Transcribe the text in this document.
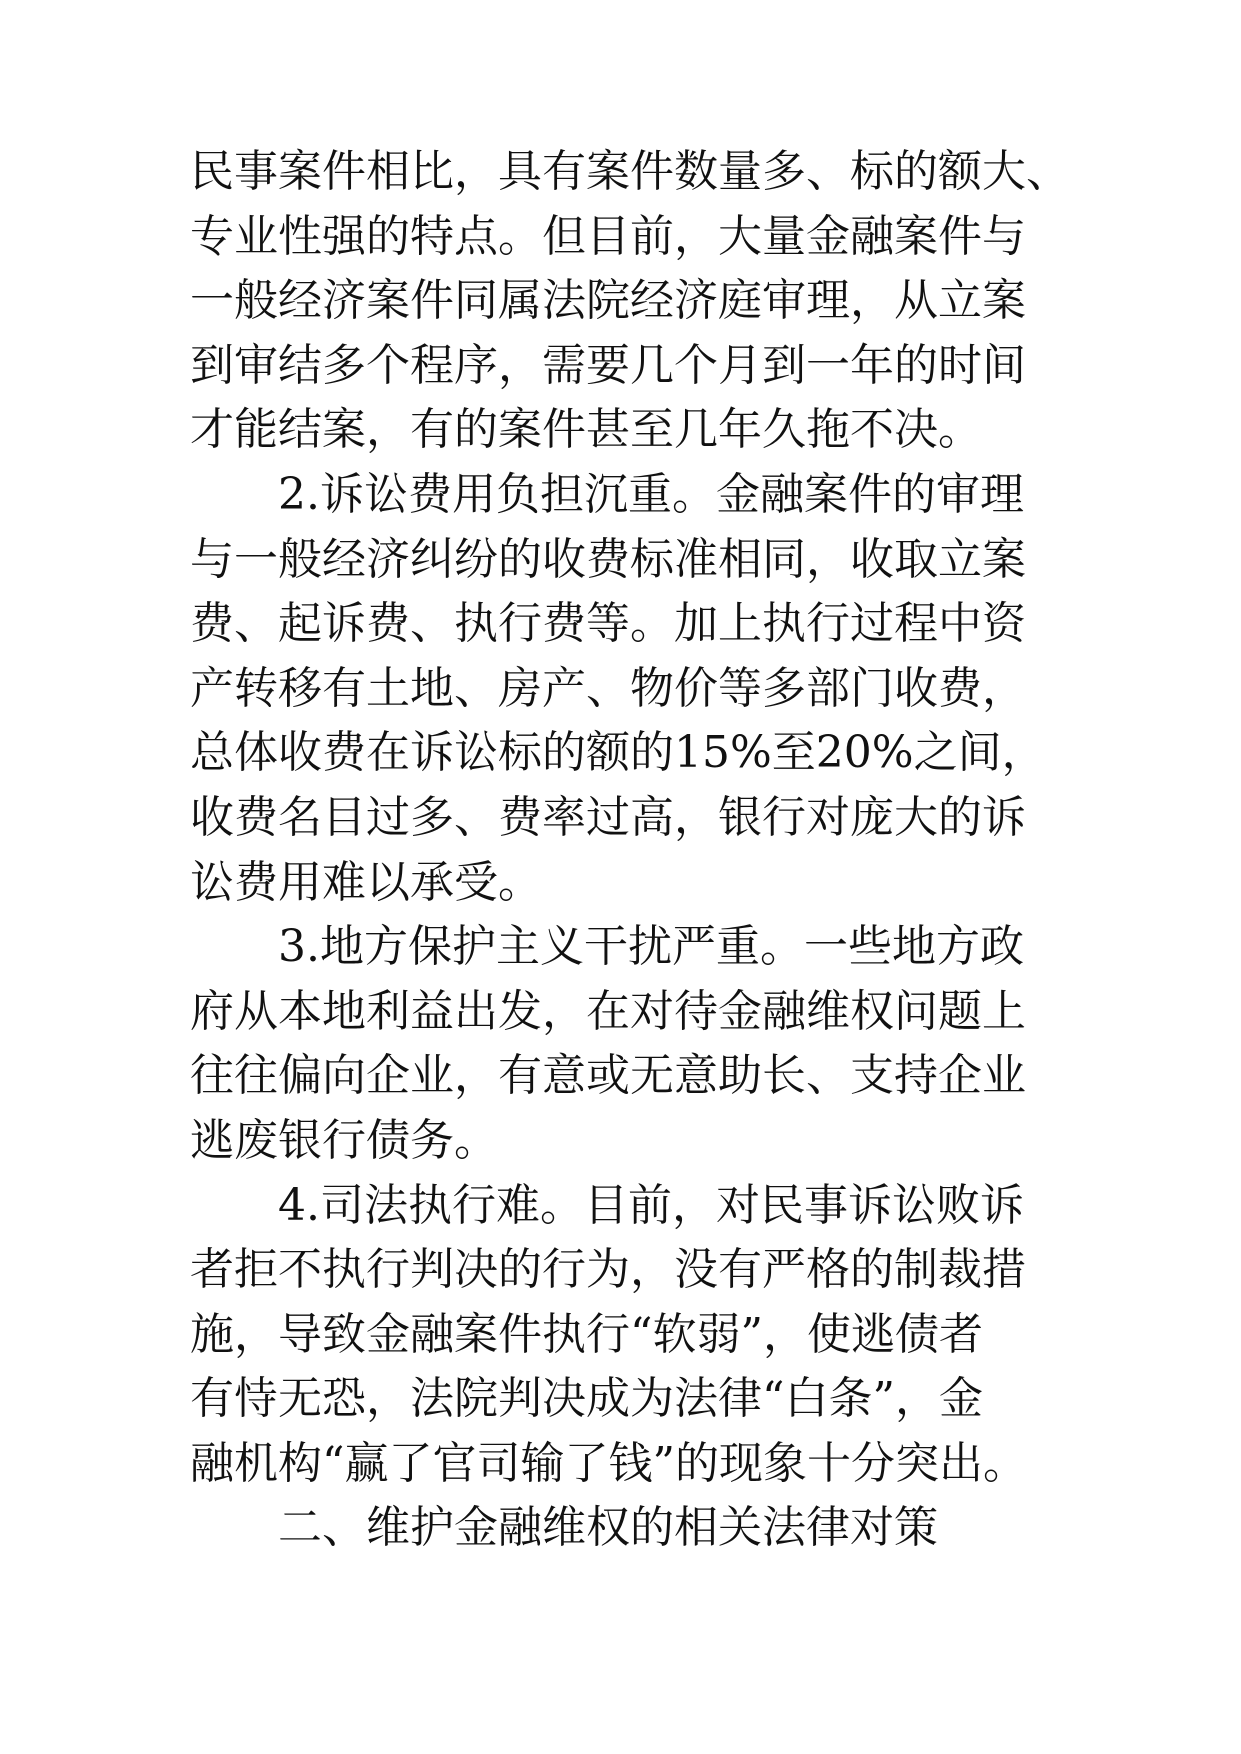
民事案件相比，具有案件数量多、标的额大、
专业性强的特点。但目前，大量金融案件与
一般经济案件同属法院经济庭审理，从立案
到审结多个程序，需要几个月到一年的时间
才能结案，有的案件甚至几年久拖不决。
2.诉讼费用负担沉重。金融案件的审理
与一般经济纠纷的收费标准相同，收取立案
费、起诉费、执行费等。加上执行过程中资
产转移有土地、房产、物价等多部门收费，
总体收费在诉讼标的额的15%至20%之间，
收费名目过多、费率过高，银行对庞大的诉
讼费用难以承受。
3.地方保护主义干扰严重。一些地方政
府从本地利益出发，在对待金融维权问题上
往往偏向企业，有意或无意助长、支持企业
逃废银行债务。
4.司法执行难。目前，对民事诉讼败诉
者拒不执行判决的行为，没有严格的制裁措
施，导致金融案件执行“软弱”，使逃债者
有恃无恐，法院判决成为法律“白条”，金
融机构“赢了官司输了钱”的现象十分突出。
二、维护金融维权的相关法律对策
